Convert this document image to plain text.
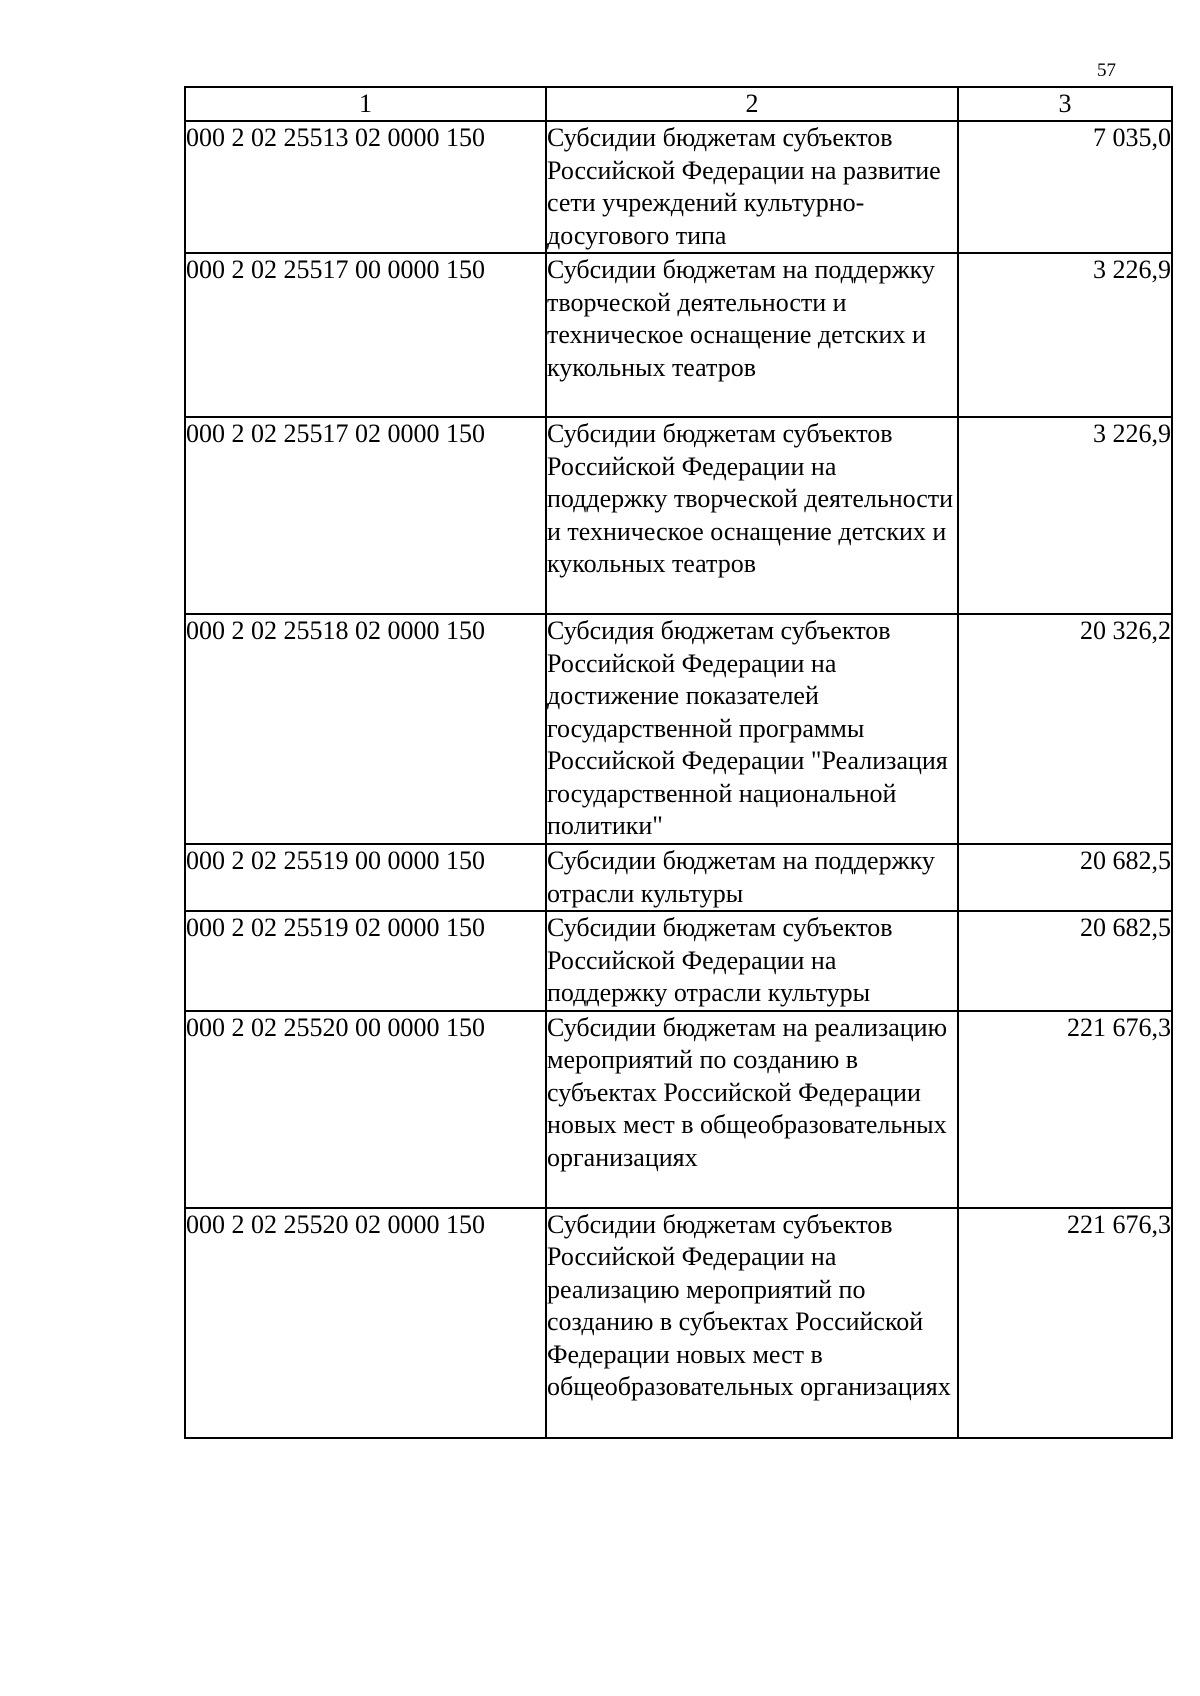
57
1	2	3
000 2 02 25513 02 0000 150	Субсидии бюджетам субъектов Российской Федерации на развитие сети учреждений культурно-досугового типа	7 035,0
000 2 02 25517 00 0000 150	Субсидии бюджетам на поддержку творческой деятельности и техническое оснащение детских и кукольных театров	3 226,9
000 2 02 25517 02 0000 150	Субсидии бюджетам субъектов Российской Федерации на поддержку творческой деятельности и техническое оснащение детских и кукольных театров	3 226,9
000 2 02 25518 02 0000 150	Субсидия бюджетам субъектов Российской Федерации на достижение показателей государственной программы Российской Федерации "Реализация государственной национальной политики"	20 326,2
000 2 02 25519 00 0000 150	Субсидии бюджетам на поддержку отрасли культуры	20 682,5
000 2 02 25519 02 0000 150	Субсидии бюджетам субъектов Российской Федерации на поддержку отрасли культуры	20 682,5
000 2 02 25520 00 0000 150	Субсидии бюджетам на реализацию мероприятий по созданию в субъектах Российской Федерации новых мест в общеобразовательных организациях	221 676,3
000 2 02 25520 02 0000 150	Субсидии бюджетам субъектов Российской Федерации на реализацию мероприятий по созданию в субъектах Российской Федерации новых мест в общеобразовательных организациях	221 676,3
